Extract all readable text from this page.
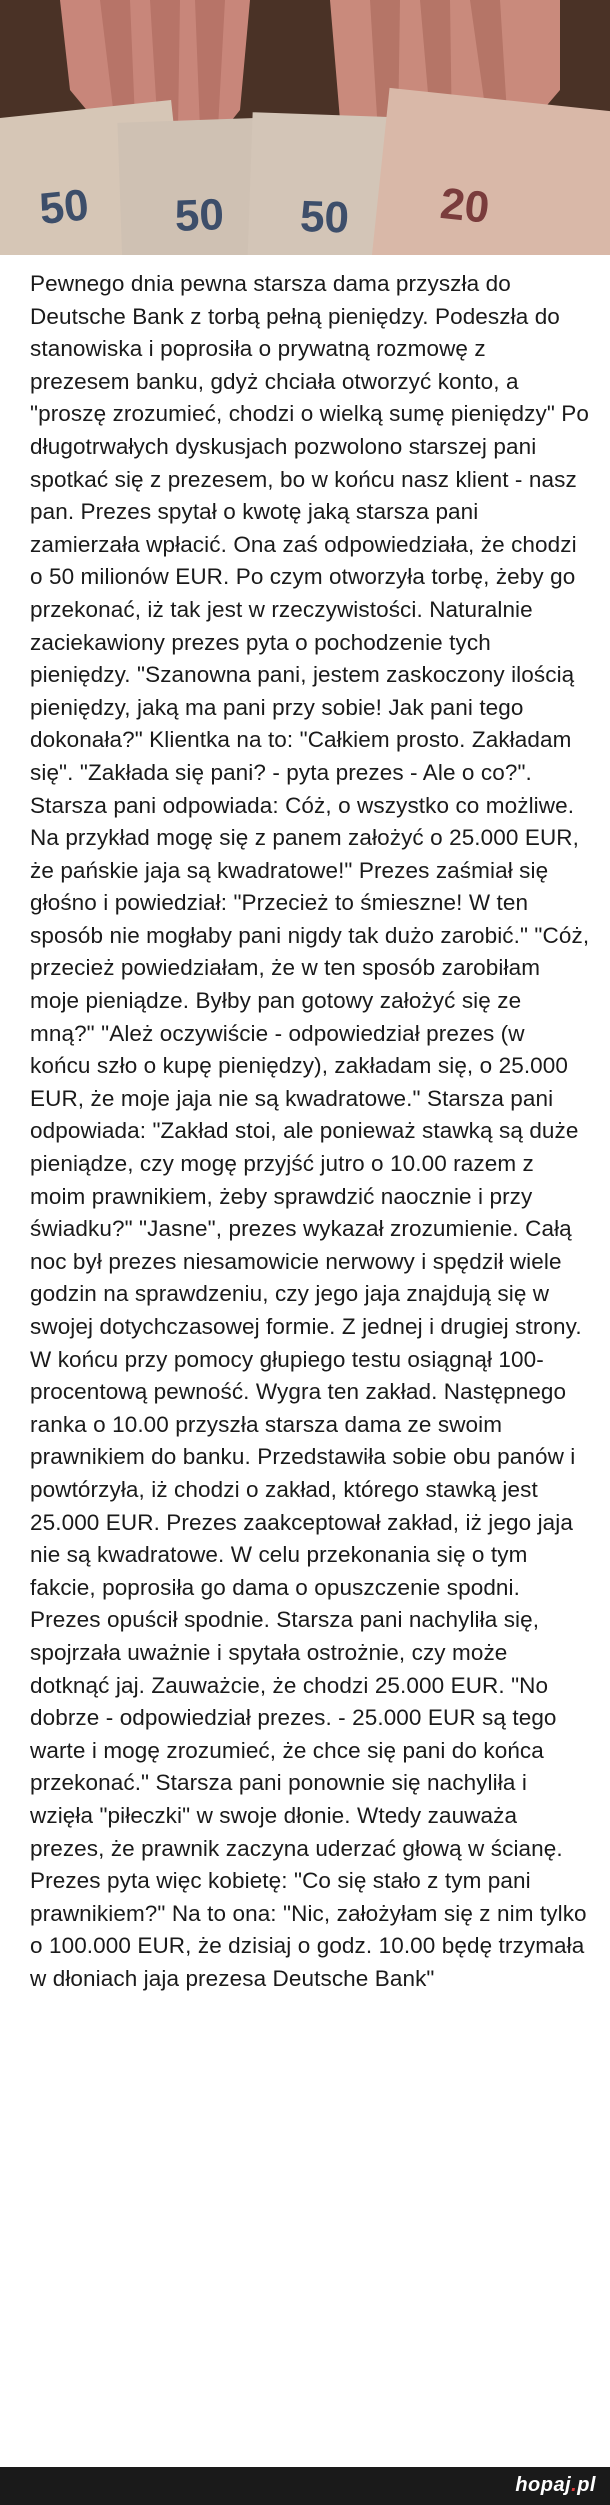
50 50 50 20

Pewnego dnia pewna starsza dama przyszła do Deutsche Bank z torbą pełną pieniędzy. Podeszła do stanowiska i poprosiła o prywatną rozmowę z prezesem banku, gdyż chciała otworzyć konto, a "proszę zrozumieć, chodzi o wielką sumę pieniędzy" Po długotrwałych dyskusjach pozwolono starszej pani spotkać się z prezesem, bo w końcu nasz klient - nasz pan. Prezes spytał o kwotę jaką starsza pani zamierzała wpłacić. Ona zaś odpowiedziała, że chodzi o 50 milionów EUR. Po czym otworzyła torbę, żeby go przekonać, iż tak jest w rzeczywistości. Naturalnie zaciekawiony prezes pyta o pochodzenie tych pieniędzy. "Szanowna pani, jestem zaskoczony ilością pieniędzy, jaką ma pani przy sobie! Jak pani tego dokonała?" Klientka na to: "Całkiem prosto. Zakładam się". "Zakłada się pani? - pyta prezes - Ale o co?". Starsza pani odpowiada: Cóż, o wszystko co możliwe. Na przykład mogę się z panem założyć o 25.000 EUR, że pańskie jaja są kwadratowe!" Prezes zaśmiał się głośno i powiedział: "Przecież to śmieszne! W ten sposób nie mogłaby pani nigdy tak dużo zarobić." "Cóż, przecież powiedziałam, że w ten sposób zarobiłam moje pieniądze. Byłby pan gotowy założyć się ze mną?" "Ależ oczywiście - odpowiedział prezes (w końcu szło o kupę pieniędzy), zakładam się, o 25.000 EUR, że moje jaja nie są kwadratowe." Starsza pani odpowiada: "Zakład stoi, ale ponieważ stawką są duże pieniądze, czy mogę przyjść jutro o 10.00 razem z moim prawnikiem, żeby sprawdzić naocznie i przy świadku?" "Jasne", prezes wykazał zrozumienie. Całą noc był prezes niesamowicie nerwowy i spędził wiele godzin na sprawdzeniu, czy jego jaja znajdują się w swojej dotychczasowej formie. Z jednej i drugiej strony. W końcu przy pomocy głupiego testu osiągnął 100-procentową pewność. Wygra ten zakład. Następnego ranka o 10.00 przyszła starsza dama ze swoim prawnikiem do banku. Przedstawiła sobie obu panów i powtórzyła, iż chodzi o zakład, którego stawką jest 25.000 EUR. Prezes zaakceptował zakład, iż jego jaja nie są kwadratowe. W celu przekonania się o tym fakcie, poprosiła go dama o opuszczenie spodni. Prezes opuścił spodnie. Starsza pani nachyliła się, spojrzała uważnie i spytała ostrożnie, czy może dotknąć jaj. Zauważcie, że chodzi 25.000 EUR. "No dobrze - odpowiedział prezes. - 25.000 EUR są tego warte i mogę zrozumieć, że chce się pani do końca przekonać." Starsza pani ponownie się nachyliła i wzięła "piłeczki" w swoje dłonie. Wtedy zauważa prezes, że prawnik zaczyna uderzać głową w ścianę. Prezes pyta więc kobietę: "Co się stało z tym pani prawnikiem?" Na to ona: "Nic, założyłam się z nim tylko o 100.000 EUR, że dzisiaj o godz. 10.00 będę trzymała w dłoniach jaja prezesa Deutsche Bank"

hopaj.pl
